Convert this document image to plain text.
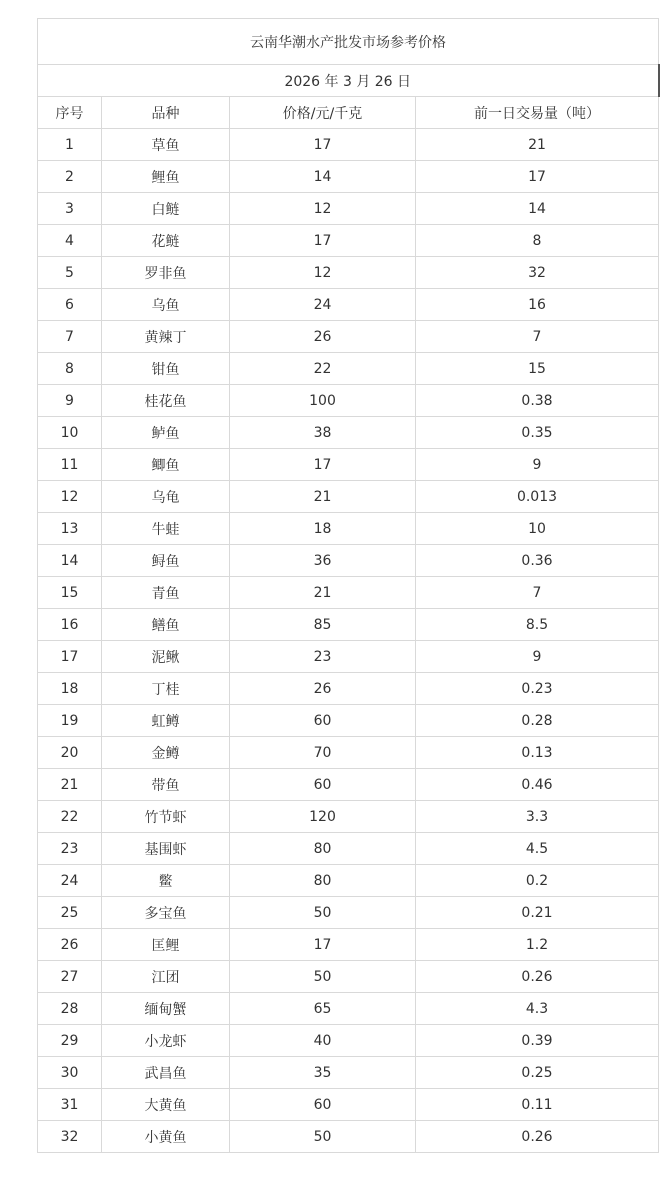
云南华潮水产批发市场参考价格			
2026 年 3 月 26 日			
序号	品种	价格/元/千克	前一日交易量（吨）
1	草鱼	17	21
2	鲤鱼	14	17
3	白鲢	12	14
4	花鲢	17	8
5	罗非鱼	12	32
6	乌鱼	24	16
7	黄辣丁	26	7
8	钳鱼	22	15
9	桂花鱼	100	0.38
10	鲈鱼	38	0.35
11	鲫鱼	17	9
12	乌龟	21	0.013
13	牛蛙	18	10
14	鲟鱼	36	0.36
15	青鱼	21	7
16	鳝鱼	85	8.5
17	泥鳅	23	9
18	丁桂	26	0.23
19	虹鳟	60	0.28
20	金鳟	70	0.13
21	带鱼	60	0.46
22	竹节虾	120	3.3
23	基围虾	80	4.5
24	鳖	80	0.2
25	多宝鱼	50	0.21
26	匡鲤	17	1.2
27	江团	50	0.26
28	缅甸蟹	65	4.3
29	小龙虾	40	0.39
30	武昌鱼	35	0.25
31	大黄鱼	60	0.11
32	小黄鱼	50	0.26
